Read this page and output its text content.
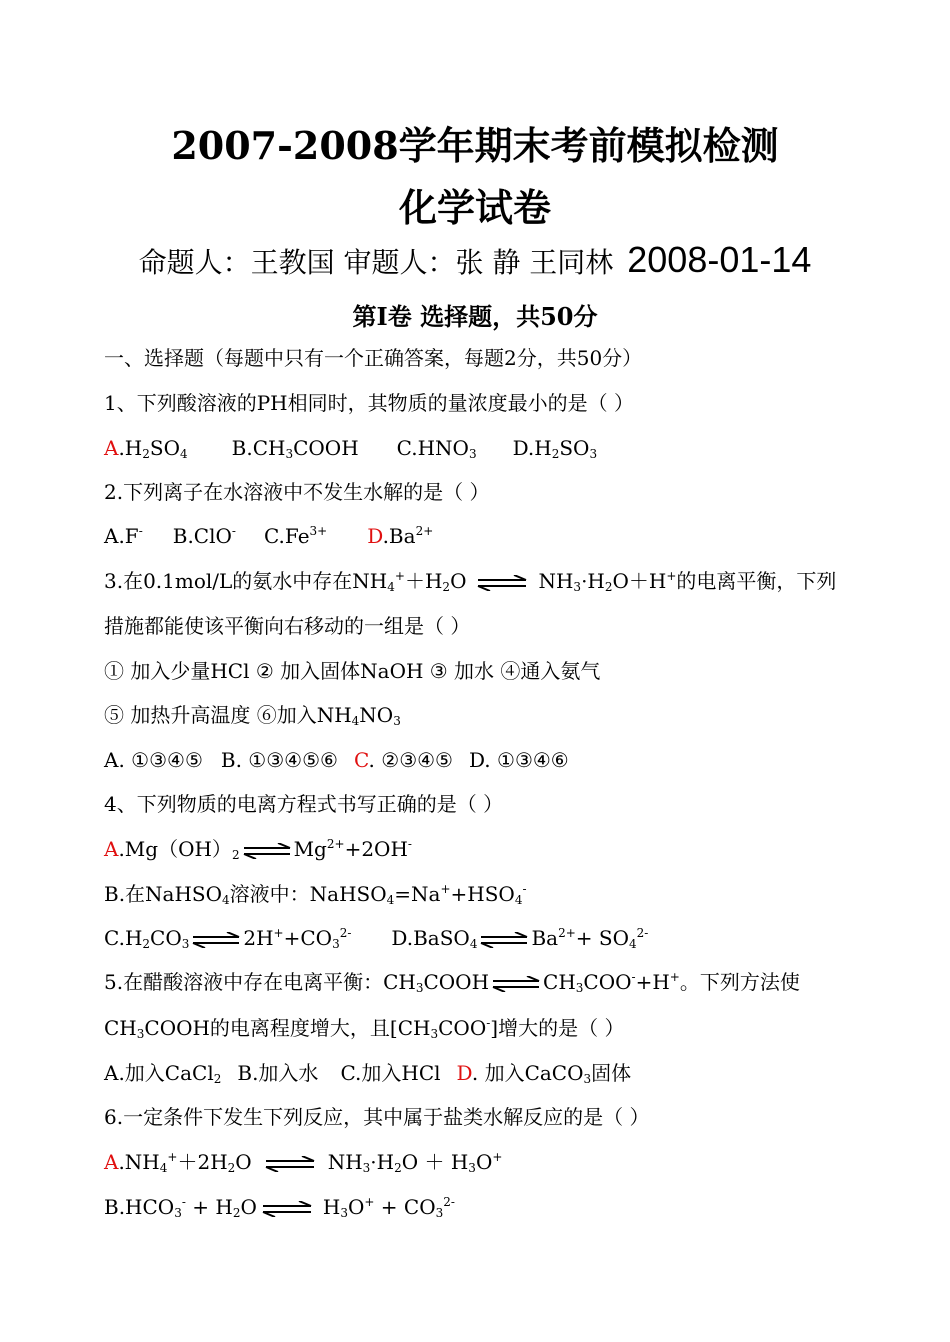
2007-2008学年期末考前模拟检测
化学试卷
命题人：王教国 审题人：张 静 王同林 2008-01-14
第Ⅰ卷 选择题，共50分
一、选择题（每题中只有一个正确答案，每题2分，共50分）
1、下列酸溶液的PH相同时，其物质的量浓度最小的是（ ）
$A.H_2SO_4$ $B.CH_3COOH$ $C.HNO_3$ $D.H_2SO_3$
2.下列离子在水溶液中不发生水解的是（ ）
A.F- B.ClO- $C.Fe^{3+}$ $D.Ba^{2+}$
3.在0.1mol/L的氨水中存在$NH_4^++H_2O$ ⇌ $NH_3\cdot H_2O+H^+$的电离平衡，下列
措施都能使该平衡向右移动的一组是（ ）
① 加入少量HCl ② 加入固体NaOH ③ 加水 ④通入氨气
⑤ 加热升高温度 ⑥加入$NH_4NO_3$
A. ①③④⑤ B. ①③④⑤⑥ C. ②③④⑤ D. ①③④⑥
4、下列物质的电离方程式书写正确的是（ ）
$A.Mg(OH)_2$ ⇌ $Mg^{2+}+2OH^-$
B.在NaHSO$_4$溶液中：$NaHSO_4=Na^++HSO_4^-$
$C.H_2CO_3$ ⇌ $2H^++CO_3^{2-}$ D.BaSO$_4$ ⇌ $Ba^{2+}+ SO_4^{2-}$
5.在醋酸溶液中存在电离平衡：$CH_3COOH$ ⇌ $CH_3COO^-+H^+$。下列方法使
$CH_3COOH$的电离程度增大，且$[CH_3COO^-]$增大的是（ ）
A.加入CaCl$_2$ B.加入水 C.加入HCl D. 加入CaCO$_3$固体
6.一定条件下发生下列反应，其中属于盐类水解反应的是（ ）
$A.NH_4^++2H_2O$ ⇌ $NH_3\cdot H_2O + H_3O^+$
$B.HCO_3^- + H_2O$ ⇌ $H_3O^+ + CO_3^{2-}$
